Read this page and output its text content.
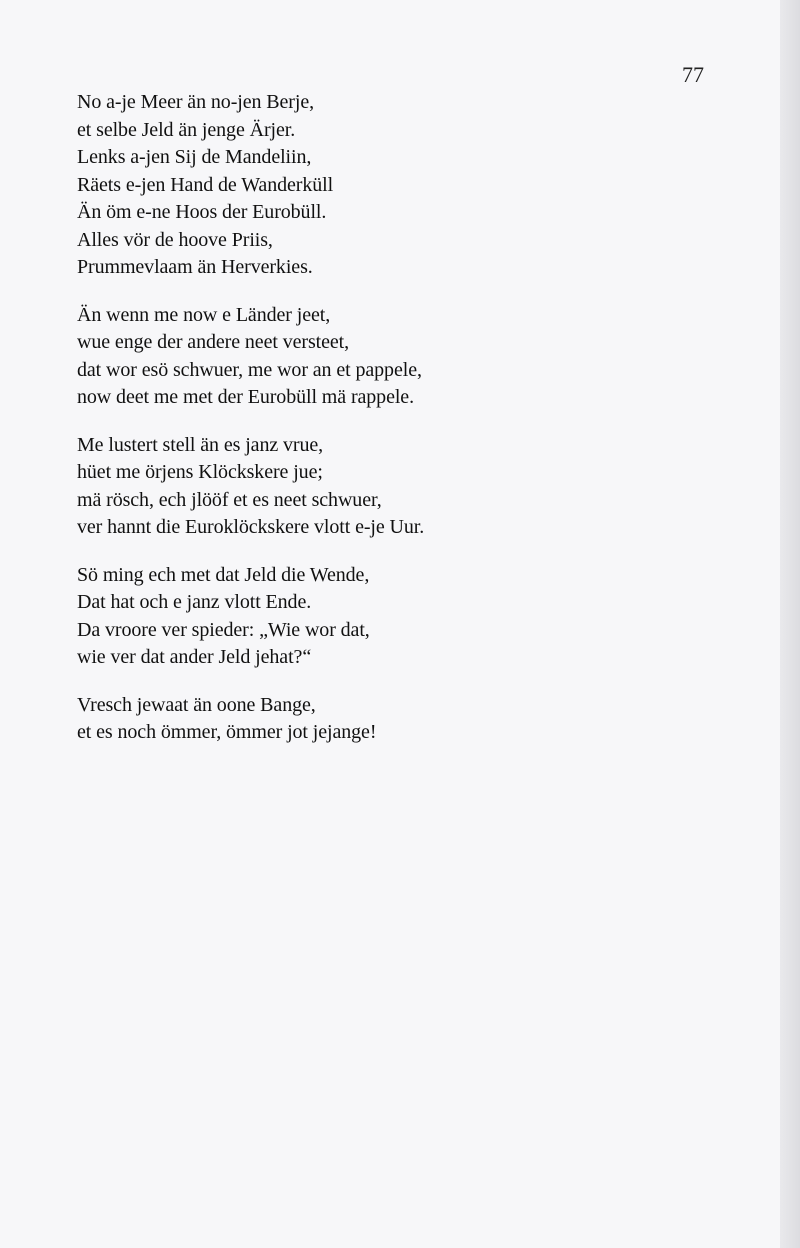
77
No a-je Meer än no-jen Berje,
et selbe Jeld än jenge Ärjer.
Lenks a-jen Sij de Mandeliin,
Räets e-jen Hand de Wanderküll
Än öm e-ne Hoos der Eurobüll.
Alles vör de hoove Priis,
Prummevlaam än Herverkies.
Än wenn me now e Länder jeet,
wue enge der andere neet versteet,
dat wor esö schwuer, me wor an et pappele,
now deet me met der Eurobüll mä rappele.
Me lustert stell än es janz vrue,
hüet me örjens Klöckskere jue;
mä rösch, ech jlööf et es neet schwuer,
ver hannt die Euroklöckskere vlott e-je Uur.
Sö ming ech met dat Jeld die Wende,
Dat hat och e janz vlott Ende.
Da vroore ver spieder: „Wie wor dat,
wie ver dat ander Jeld jehat?“
Vresch jewaat än oone Bange,
et es noch ömmer, ömmer jot jejange!
